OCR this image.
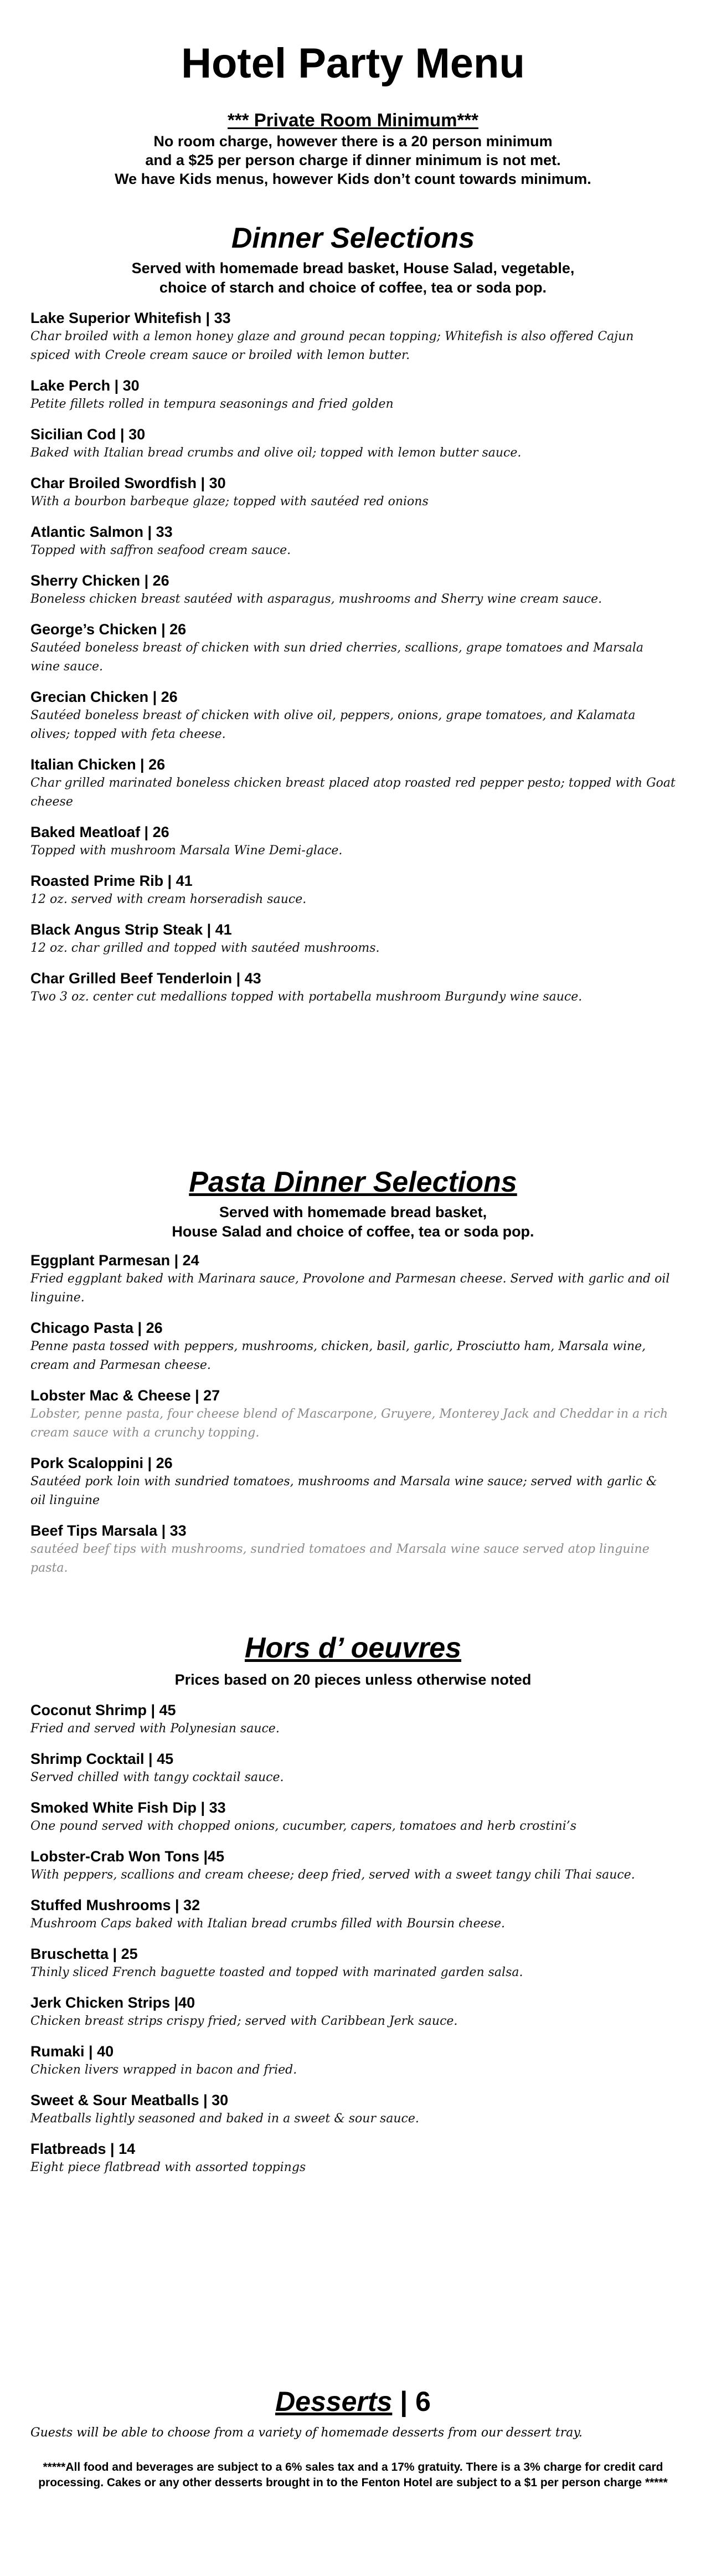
Hotel Party Menu
*** Private Room Minimum***
No room charge, however there is a 20 person minimum
and a $25 per person charge if dinner minimum is not met.
We have Kids menus, however Kids don’t count towards minimum.
Dinner Selections
Served with homemade bread basket, House Salad, vegetable,
choice of starch and choice of coffee, tea or soda pop.
Lake Superior Whitefish | 33
Char broiled with a lemon honey glaze and ground pecan topping; Whitefish is also offered Cajun spiced with Creole cream sauce or broiled with lemon butter.
Lake Perch | 30
Petite fillets rolled in tempura seasonings and fried golden
Sicilian Cod | 30
Baked with Italian bread crumbs and olive oil; topped with lemon butter sauce.
Char Broiled Swordfish | 30
With a bourbon barbeque glaze; topped with sautéed red onions
Atlantic Salmon | 33
Topped with saffron seafood cream sauce.
Sherry Chicken | 26
Boneless chicken breast sautéed with asparagus, mushrooms and Sherry wine cream sauce.
George’s Chicken | 26
Sautéed boneless breast of chicken with sun dried cherries, scallions, grape tomatoes and Marsala wine sauce.
Grecian Chicken | 26
Sautéed boneless breast of chicken with olive oil, peppers, onions, grape tomatoes, and Kalamata olives; topped with feta cheese.
Italian Chicken | 26
Char grilled marinated boneless chicken breast placed atop roasted red pepper pesto; topped with Goat cheese
Baked Meatloaf | 26
Topped with mushroom Marsala Wine Demi-glace.
Roasted Prime Rib | 41
12 oz. served with cream horseradish sauce.
Black Angus Strip Steak | 41
12 oz. char grilled and topped with sautéed mushrooms.
Char Grilled Beef Tenderloin | 43
Two 3 oz. center cut medallions topped with portabella mushroom Burgundy wine sauce.
Pasta Dinner Selections
Served with homemade bread basket,
House Salad and choice of coffee, tea or soda pop.
Eggplant Parmesan | 24
Fried eggplant baked with Marinara sauce, Provolone and Parmesan cheese. Served with garlic and oil linguine.
Chicago Pasta | 26
Penne pasta tossed with peppers, mushrooms, chicken, basil, garlic, Prosciutto ham, Marsala wine, cream and Parmesan cheese.
Lobster Mac & Cheese | 27
Lobster, penne pasta, four cheese blend of Mascarpone, Gruyere, Monterey Jack and Cheddar in a rich cream sauce with a crunchy topping.
Pork Scaloppini | 26
Sautéed pork loin with sundried tomatoes, mushrooms and Marsala wine sauce; served with garlic & oil linguine
Beef Tips Marsala | 33
sautéed beef tips with mushrooms, sundried tomatoes and Marsala wine sauce served atop linguine pasta.
Hors d’ oeuvres
Prices based on 20 pieces unless otherwise noted
Coconut Shrimp | 45
Fried and served with Polynesian sauce.
Shrimp Cocktail | 45
Served chilled with tangy cocktail sauce.
Smoked White Fish Dip | 33
One pound served with chopped onions, cucumber, capers, tomatoes and herb crostini’s
Lobster-Crab Won Tons |45
With peppers, scallions and cream cheese; deep fried, served with a sweet tangy chili Thai sauce.
Stuffed Mushrooms | 32
Mushroom Caps baked with Italian bread crumbs filled with Boursin cheese.
Bruschetta | 25
Thinly sliced French baguette toasted and topped with marinated garden salsa.
Jerk Chicken Strips |40
Chicken breast strips crispy fried; served with Caribbean Jerk sauce.
Rumaki | 40
Chicken livers wrapped in bacon and fried.
Sweet & Sour Meatballs | 30
Meatballs lightly seasoned and baked in a sweet & sour sauce.
Flatbreads | 14
Eight piece flatbread with assorted toppings
Desserts | 6
Guests will be able to choose from a variety of homemade desserts from our dessert tray.
*****All food and beverages are subject to a 6% sales tax and a 17% gratuity. There is a 3% charge for credit card processing. Cakes or any other desserts brought in to the Fenton Hotel are subject to a $1 per person charge *****
